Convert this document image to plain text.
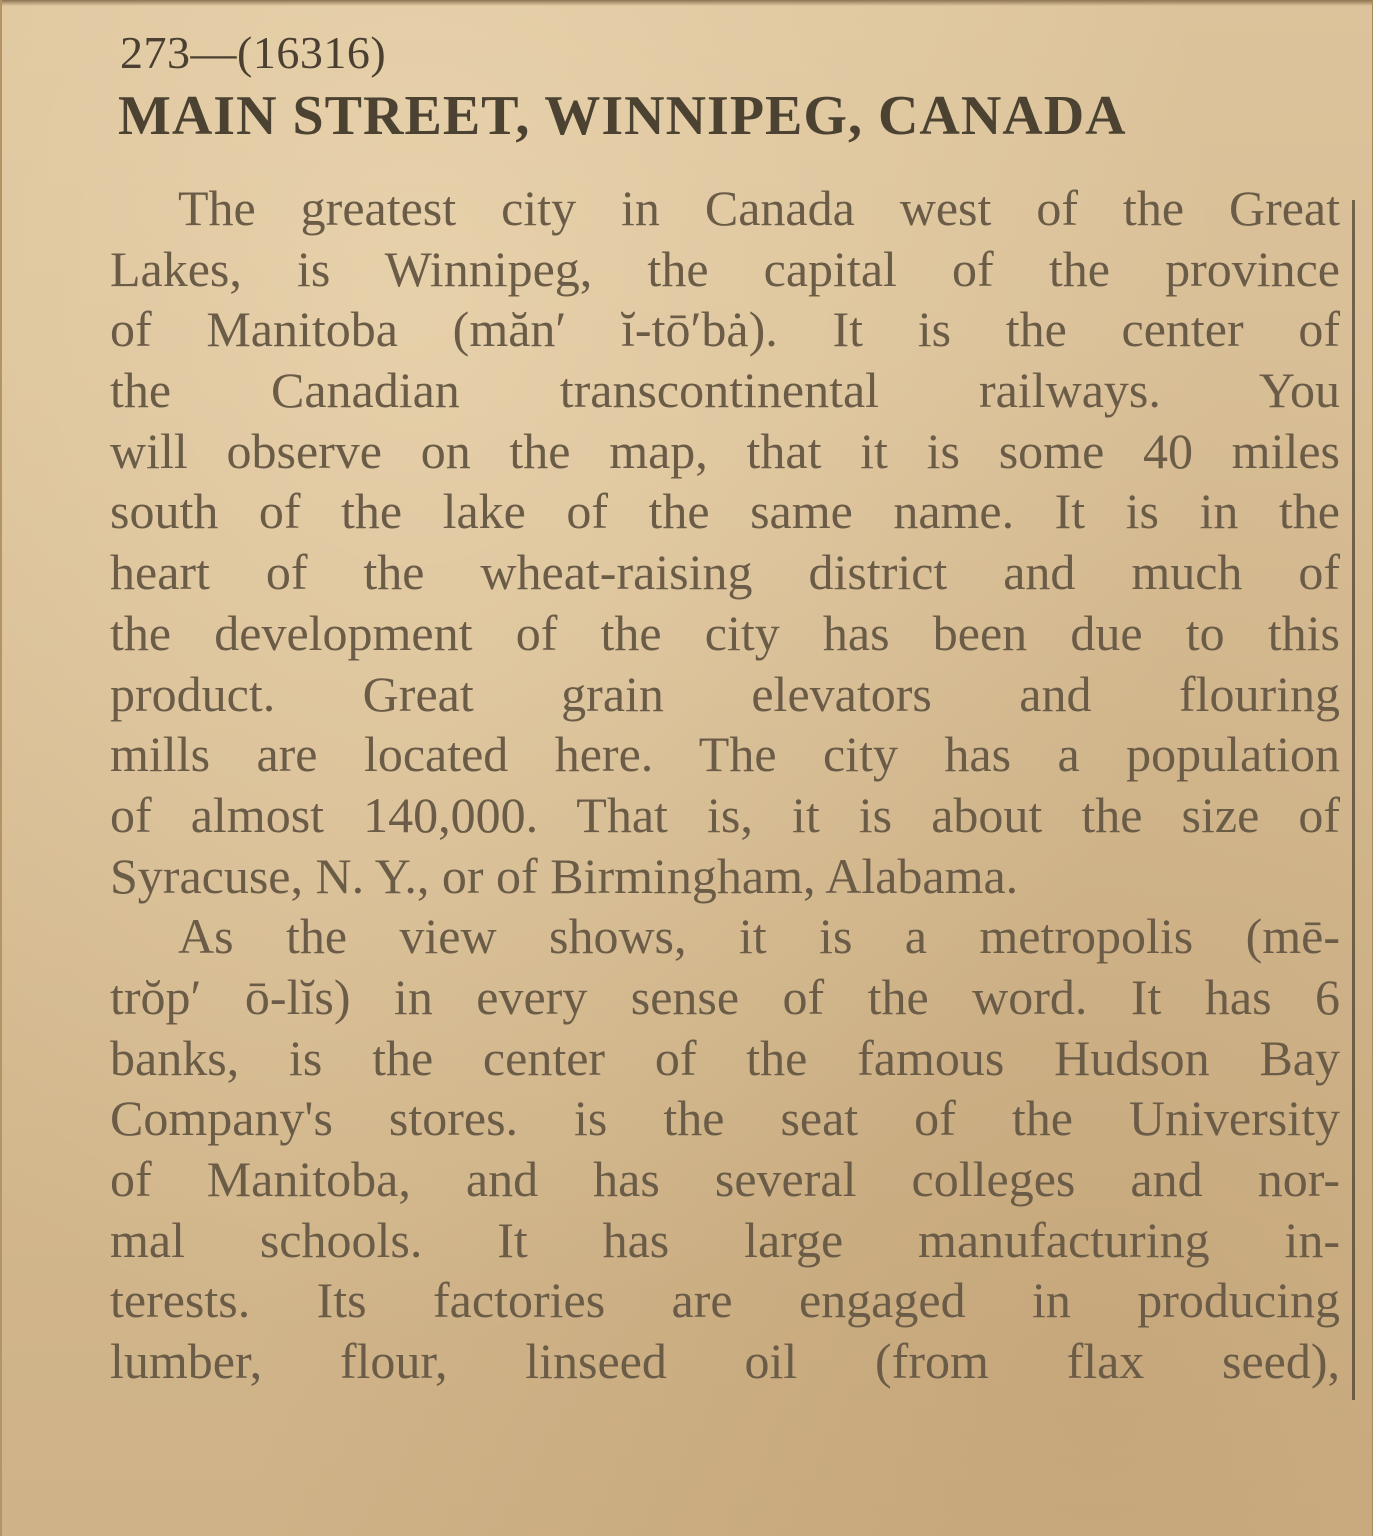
273—(16316)
MAIN STREET, WINNIPEG, CANADA
The greatest city in Canada west of the Great
Lakes, is Winnipeg, the capital of the province
of Manitoba (măn′ ĭ-tō′bȧ). It is the center of
the Canadian transcontinental railways. You
will observe on the map, that it is some 40 miles
south of the lake of the same name. It is in the
heart of the wheat-raising district and much of
the development of the city has been due to this
product. Great grain elevators and flouring
mills are located here. The city has a population
of almost 140,000. That is, it is about the size of
Syracuse, N. Y., or of Birmingham, Alabama.
As the view shows, it is a metropolis (mē-
trŏp′ ō-lĭs) in every sense of the word. It has 6
banks, is the center of the famous Hudson Bay
Company's stores. is the seat of the University
of Manitoba, and has several colleges and nor-
mal schools. It has large manufacturing in-
terests. Its factories are engaged in producing
lumber, flour, linseed oil (from flax seed),
